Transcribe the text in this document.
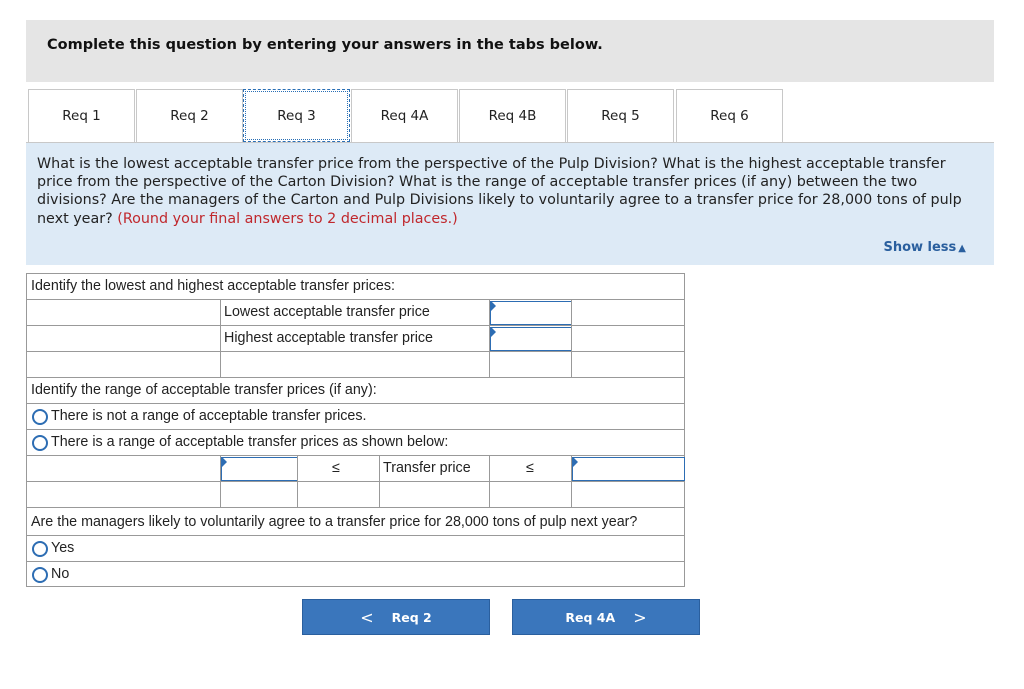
Complete this question by entering your answers in the tabs below.
Req 1	Req 2	Req 3	Req 4A	Req 4B	Req 5	Req 6
What is the lowest acceptable transfer price from the perspective of the Pulp Division? What is the highest acceptable transfer price from the perspective of the Carton Division? What is the range of acceptable transfer prices (if any) between the two divisions? Are the managers of the Carton and Pulp Divisions likely to voluntarily agree to a transfer price for 28,000 tons of pulp next year? (Round your final answers to 2 decimal places.)
Show less ▲
Identify the lowest and highest acceptable transfer prices:
Lowest acceptable transfer price
Highest acceptable transfer price
Identify the range of acceptable transfer prices (if any):
There is not a range of acceptable transfer prices.
There is a range of acceptable transfer prices as shown below:
≤	Transfer price	≤
Are the managers likely to voluntarily agree to a transfer price for 28,000 tons of pulp next year?
Yes
No
< Req 2	Req 4A >
